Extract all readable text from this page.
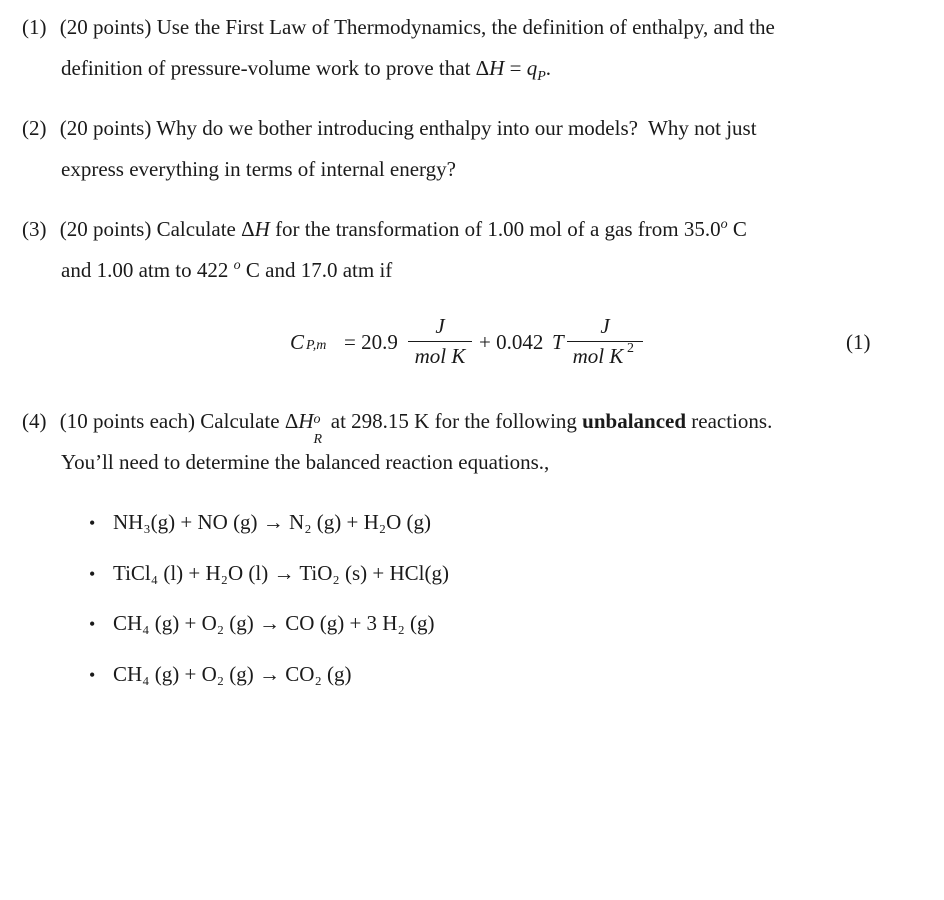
(1) (20 points) Use the First Law of Thermodynamics, the definition of enthalpy, and the
definition of pressure-volume work to prove that $\Delta H = q_P$.
(2) (20 points) Why do we bother introducing enthalpy into our models?  Why not just
express everything in terms of internal energy?
(3) (20 points) Calculate ΔH for the transformation of 1.00 mol of a gas from 35.0$^o$ C
and 1.00 atm to 422 $^o$ C and 17.0 atm if
C P,m = 20.9
J
mol K
+ 0.042 T
J
mol K 2	(1)
(4) (10 points each) Calculate ΔH o
R
at 298.15 K for the following unbalanced reactions.
You’ll need to determine the balanced reaction equations.,
• NH₃(g) + NO (g) → N₂ (g) + H₂O (g)
• TiCl₄ (l) + H₂O (l) → TiO₂ (s) + HCl(g)
• CH₄ (g) + O₂ (g) → CO (g) + 3 H₂ (g)
• CH₄ (g) + O₂ (g) → CO₂ (g)
